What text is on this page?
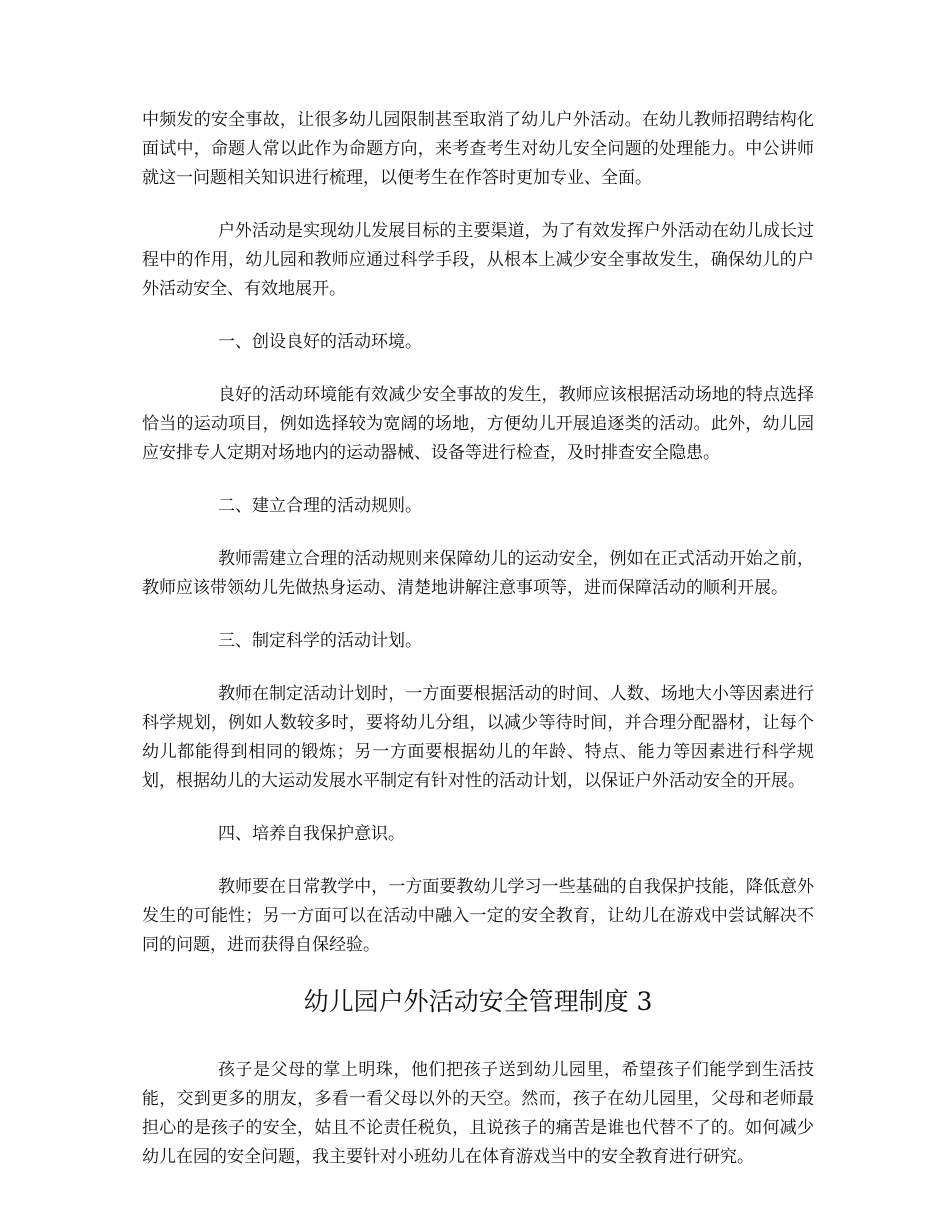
中频发的安全事故，让很多幼儿园限制甚至取消了幼儿户外活动。在幼儿教师招聘结构化面试中，命题人常以此作为命题方向，来考查考生对幼儿安全问题的处理能力。中公讲师就这一问题相关知识进行梳理，以便考生在作答时更加专业、全面。

户外活动是实现幼儿发展目标的主要渠道，为了有效发挥户外活动在幼儿成长过程中的作用，幼儿园和教师应通过科学手段，从根本上减少安全事故发生，确保幼儿的户外活动安全、有效地展开。

一、创设良好的活动环境。

良好的活动环境能有效减少安全事故的发生，教师应该根据活动场地的特点选择恰当的运动项目，例如选择较为宽阔的场地，方便幼儿开展追逐类的活动。此外，幼儿园应安排专人定期对场地内的运动器械、设备等进行检查，及时排查安全隐患。

二、建立合理的活动规则。

教师需建立合理的活动规则来保障幼儿的运动安全，例如在正式活动开始之前，教师应该带领幼儿先做热身运动、清楚地讲解注意事项等，进而保障活动的顺利开展。

三、制定科学的活动计划。

教师在制定活动计划时，一方面要根据活动的时间、人数、场地大小等因素进行科学规划，例如人数较多时，要将幼儿分组，以减少等待时间，并合理分配器材，让每个幼儿都能得到相同的锻炼；另一方面要根据幼儿的年龄、特点、能力等因素进行科学规划，根据幼儿的大运动发展水平制定有针对性的活动计划，以保证户外活动安全的开展。

四、培养自我保护意识。

教师要在日常教学中，一方面要教幼儿学习一些基础的自我保护技能，降低意外发生的可能性；另一方面可以在活动中融入一定的安全教育，让幼儿在游戏中尝试解决不同的问题，进而获得自保经验。

幼儿园户外活动安全管理制度 3

孩子是父母的掌上明珠，他们把孩子送到幼儿园里，希望孩子们能学到生活技能，交到更多的朋友，多看一看父母以外的天空。然而，孩子在幼儿园里，父母和老师最担心的是孩子的安全，姑且不论责任税负，且说孩子的痛苦是谁也代替不了的。如何减少幼儿在园的安全问题，我主要针对小班幼儿在体育游戏当中的安全教育进行研究。
